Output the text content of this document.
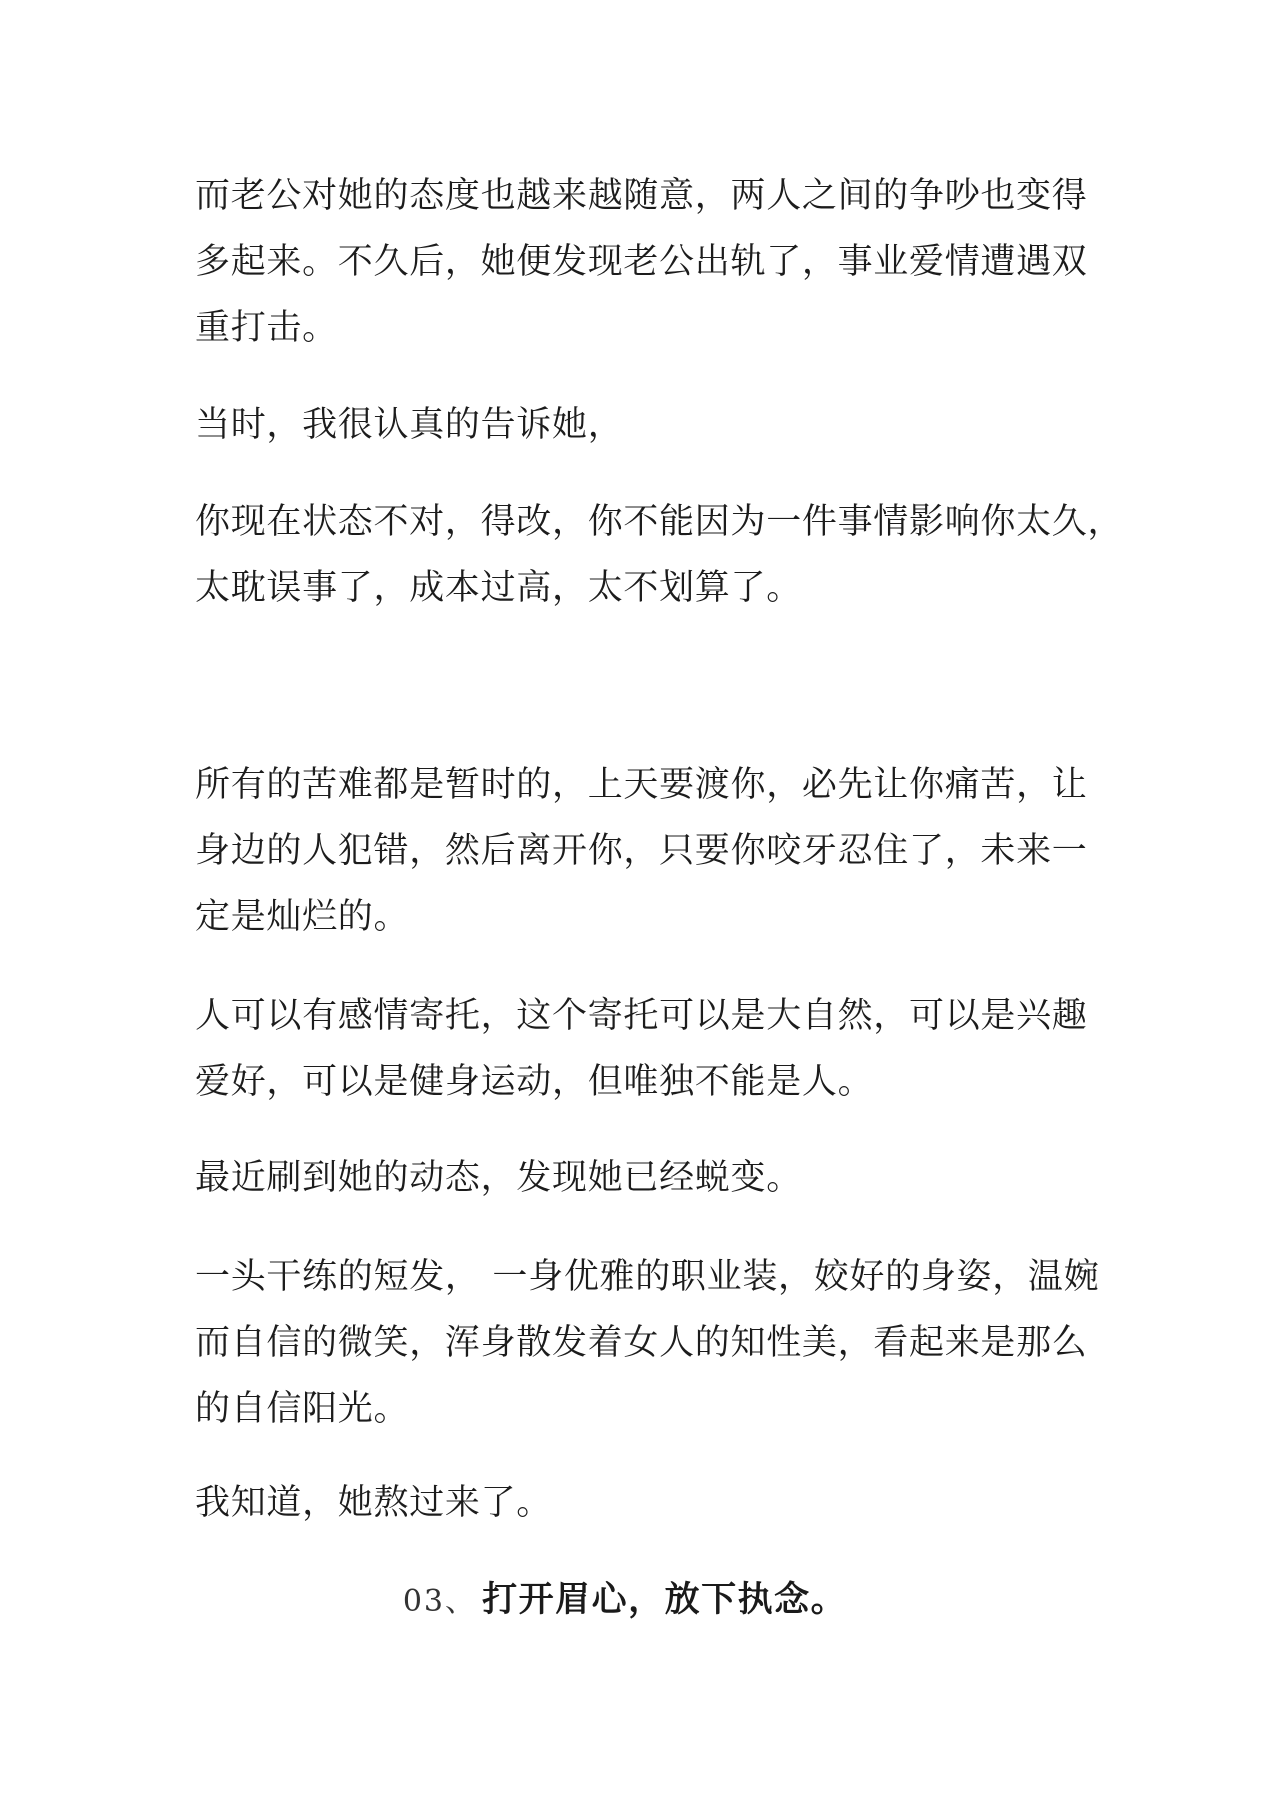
而老公对她的态度也越来越随意，两人之间的争吵也变得
多起来。不久后，她便发现老公出轨了，事业爱情遭遇双
重打击。
当时，我很认真的告诉她，
你现在状态不对，得改，你不能因为一件事情影响你太久，
太耽误事了，成本过高，太不划算了。
所有的苦难都是暂时的，上天要渡你，必先让你痛苦，让
身边的人犯错，然后离开你，只要你咬牙忍住了，未来一
定是灿烂的。
人可以有感情寄托，这个寄托可以是大自然，可以是兴趣
爱好，可以是健身运动，但唯独不能是人。
最近刷到她的动态，发现她已经蜕变。
一头干练的短发， 一身优雅的职业装，姣好的身姿，温婉
而自信的微笑，浑身散发着女人的知性美，看起来是那么
的自信阳光。
我知道，她熬过来了。
03、 打开眉心，放下执念。
